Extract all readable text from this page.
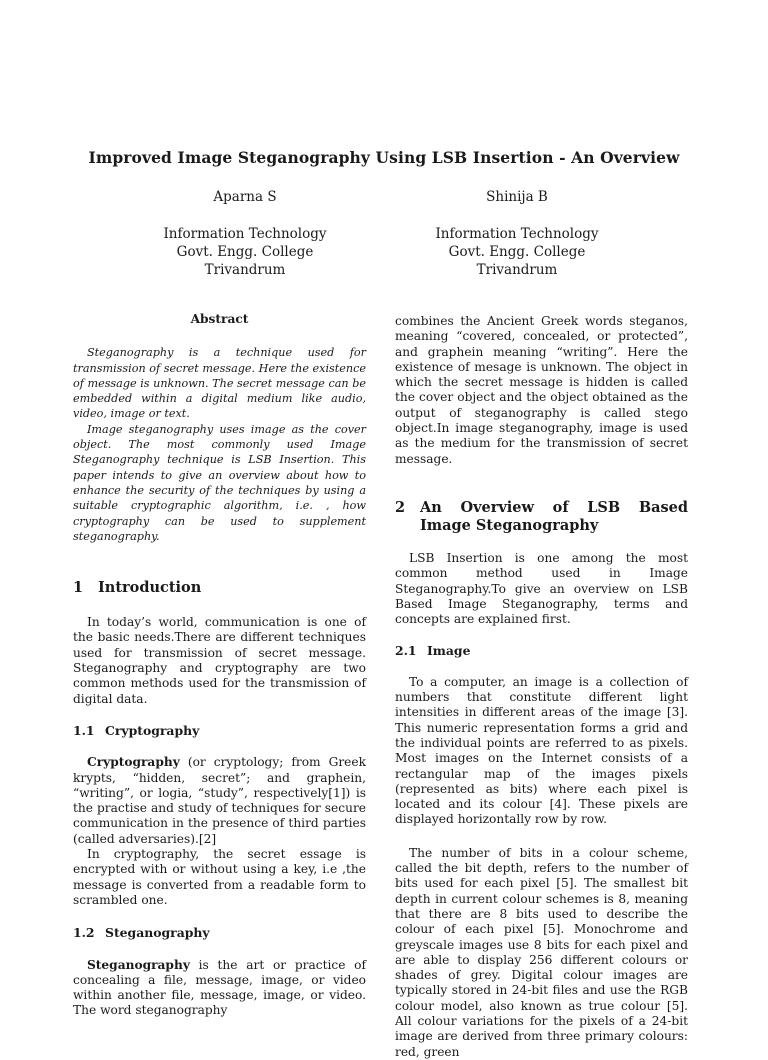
Improved Image Steganography Using LSB Insertion - An Overview
Aparna S
Information Technology
Govt. Engg. College
Trivandrum
Shinija B
Information Technology
Govt. Engg. College
Trivandrum
Abstract

Steganography is a technique used for transmission of secret message. Here the existence of message is unknown. The secret message can be embedded within a digital medium like audio, video, image or text.

Image steganography uses image as the cover object. The most commonly used Image Steganography technique is LSB Insertion. This paper intends to give an overview about how to enhance the security of the techniques by using a suitable cryptographic algorithm, i.e. , how cryptography can be used to supplement steganography.

1	Introduction

In today’s world, communication is one of the basic needs.There are different techniques used for transmission of secret message. Steganography and cryptography are two common methods used for the transmission of digital data.

1.1 Cryptography

Cryptography (or cryptology; from Greek krypts, “hidden, secret”; and graphein, “writing”, or logia, “study”, respectively[1]) is the practise and study of techniques for secure communication in the presence of third parties (called adversaries).[2]

In cryptography, the secret essage is encrypted with or without using a key, i.e ,the message is converted from a readable form to scrambled one.

1.2 Steganography

Steganography is the art or practice of concealing a file, message, image, or video within another file, message, image, or video. The word steganography

combines the Ancient Greek words steganos, meaning “covered, concealed, or protected”, and graphein meaning “writing”. Here the existence of mesage is unknown. The object in which the secret message is hidden is called the cover object and the object obtained as the output of steganography is called stego object.In image steganography, image is used as the medium for the transmission of secret message.

2	An Overview of LSB Based Image Steganography

LSB Insertion is one among the most common method used in Image Steganography.To give an overview on LSB Based Image Steganography, terms and concepts are explained first.

2.1 Image

To a computer, an image is a collection of numbers that constitute different light intensities in different areas of the image [3]. This numeric representation forms a grid and the individual points are referred to as pixels. Most images on the Internet consists of a rectangular map of the images pixels (represented as bits) where each pixel is located and its colour [4]. These pixels are displayed horizontally row by row.

The number of bits in a colour scheme, called the bit depth, refers to the number of bits used for each pixel [5]. The smallest bit depth in current colour schemes is 8, meaning that there are 8 bits used to describe the colour of each pixel [5]. Monochrome and greyscale images use 8 bits for each pixel and are able to display 256 different colours or shades of grey. Digital colour images are typically stored in 24-bit files and use the RGB colour model, also known as true colour [5]. All colour variations for the pixels of a 24-bit image are derived from three primary colours: red, green
